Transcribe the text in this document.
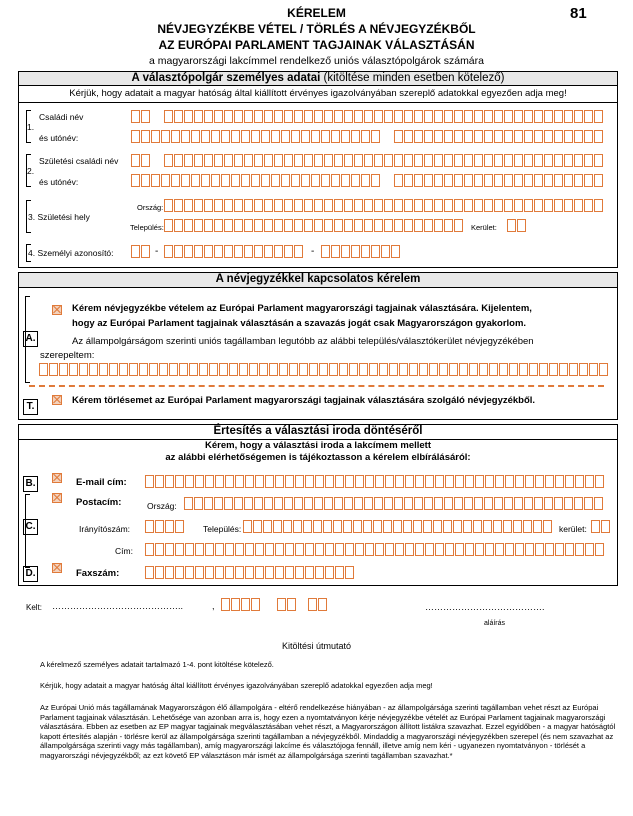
KÉRELEM	81
NÉVJEGYZÉKBE VÉTEL / TÖRLÉS A NÉVJEGYZÉKBŐL
AZ EURÓPAI PARLAMENT TAGJAINAK VÁLASZTÁSÁN
a magyarországi lakcímmel rendelkező uniós választópolgárok számára
A választópolgár személyes adatai (kitöltése minden esetben kötelező)
Kérjük, hogy adatait a magyar hatóság által kiállított érvényes igazolványában szereplő adatokkal egyezően adja meg!
1.
Családi név
és utónév:
2.
Születési családi név
és utónév:
3. Születési hely
Ország:
Település:	Kerület:
4. Személyi azonosító:	-	-
A névjegyzékkel kapcsolatos kérelem
A.
Kérem névjegyzékbe vételem az Európai Parlament magyarországi tagjainak választására. Kijelentem,
hogy az Európai Parlament tagjainak választásán a szavazás jogát csak Magyarországon gyakorlom.
Az állampolgárságom szerinti uniós tagállamban legutóbb az alábbi település/választókerület névjegyzékében
szerepeltem:
T.
Kérem törlésemet az Európai Parlament magyarországi tagjainak választására szolgáló névjegyzékből.
Értesítés a választási iroda döntéséről
Kérem, hogy a választási iroda a lakcímem mellett
az alábbi elérhetőségemen is tájékoztasson a kérelem elbírálásáról:
B.	E-mail cím:
C.
Postacím:	Ország:
Irányítószám:	Település:	kerület:
Cím:
D.	Faxszám:
Kelt: ……………………………………..	,	………………………………….
aláírás
Kitöltési útmutató
A kérelmező személyes adatait tartalmazó 1-4. pont kitöltése kötelező.
Kérjük, hogy adatait a magyar hatóság által kiállított érvényes igazolványában szereplő adatokkal egyezően adja meg!
Az Európai Unió más tagállamának Magyarországon élő állampolgára - eltérő rendelkezése hiányában - az állampolgársága szerinti tagállamban vehet részt az Európai Parlament tagjainak választásán. Lehetősége van azonban arra is, hogy ezen a nyomtatványon kérje névjegyzékbe vételét az Európai Parlament tagjainak magyarországi választására. Ebben az esetben az EP magyar tagjainak megválasztásában vehet részt, a Magyarországon állított listákra szavazhat. Ezzel egyidőben - a magyar hatóságtól kapott értesítés alapján - törlésre kerül az állampolgársága szerinti tagállamban a névjegyzékből. Mindaddig a magyarországi névjegyzékben szerepel (és nem szavazhat az állampolgársága szerinti vagy más tagállamban), amíg magyarországi lakcíme és választójoga fennáll, illetve amíg nem kéri - ugyanezen nyomtatványon - törlését a magyarországi névjegyzékből; az ezt követő EP választáson már ismét az állampolgársága szerinti tagállamban szavazhat.*
